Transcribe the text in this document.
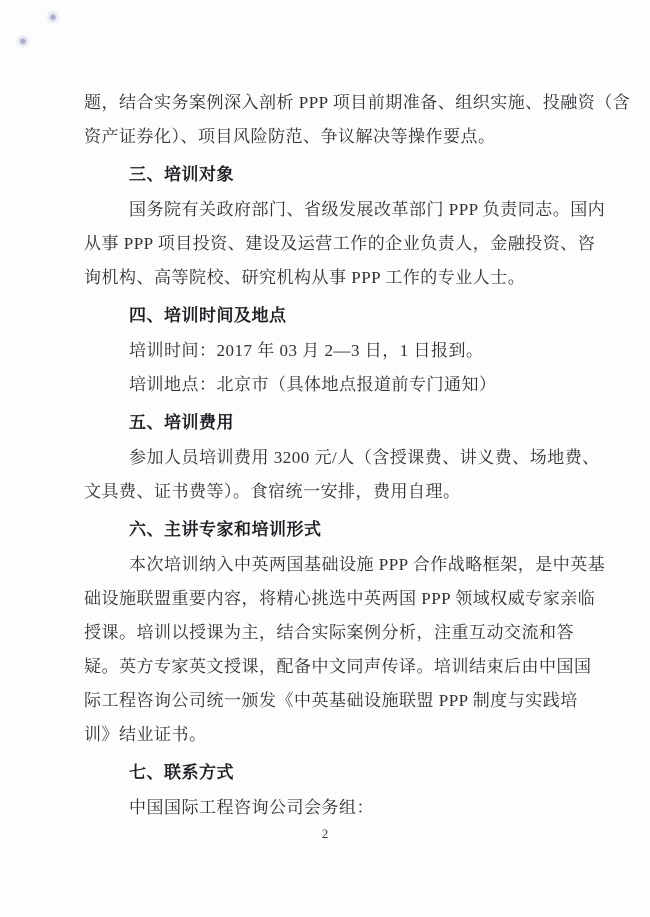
题，结合实务案例深入剖析 PPP 项目前期准备、组织实施、投融资（含
资产证券化）、项目风险防范、争议解决等操作要点。
三、培训对象
国务院有关政府部门、省级发展改革部门 PPP 负责同志。国内
从事 PPP 项目投资、建设及运营工作的企业负责人，金融投资、咨
询机构、高等院校、研究机构从事 PPP 工作的专业人士。
四、培训时间及地点
培训时间：2017 年 03 月 2—3 日，1 日报到。
培训地点：北京市（具体地点报道前专门通知）
五、培训费用
参加人员培训费用 3200 元/人（含授课费、讲义费、场地费、
文具费、证书费等）。食宿统一安排，费用自理。
六、主讲专家和培训形式
本次培训纳入中英两国基础设施 PPP 合作战略框架，是中英基
础设施联盟重要内容，将精心挑选中英两国 PPP 领域权威专家亲临
授课。培训以授课为主，结合实际案例分析，注重互动交流和答
疑。英方专家英文授课，配备中文同声传译。培训结束后由中国国
际工程咨询公司统一颁发《中英基础设施联盟 PPP 制度与实践培
训》结业证书。
七、联系方式
中国国际工程咨询公司会务组：
2
